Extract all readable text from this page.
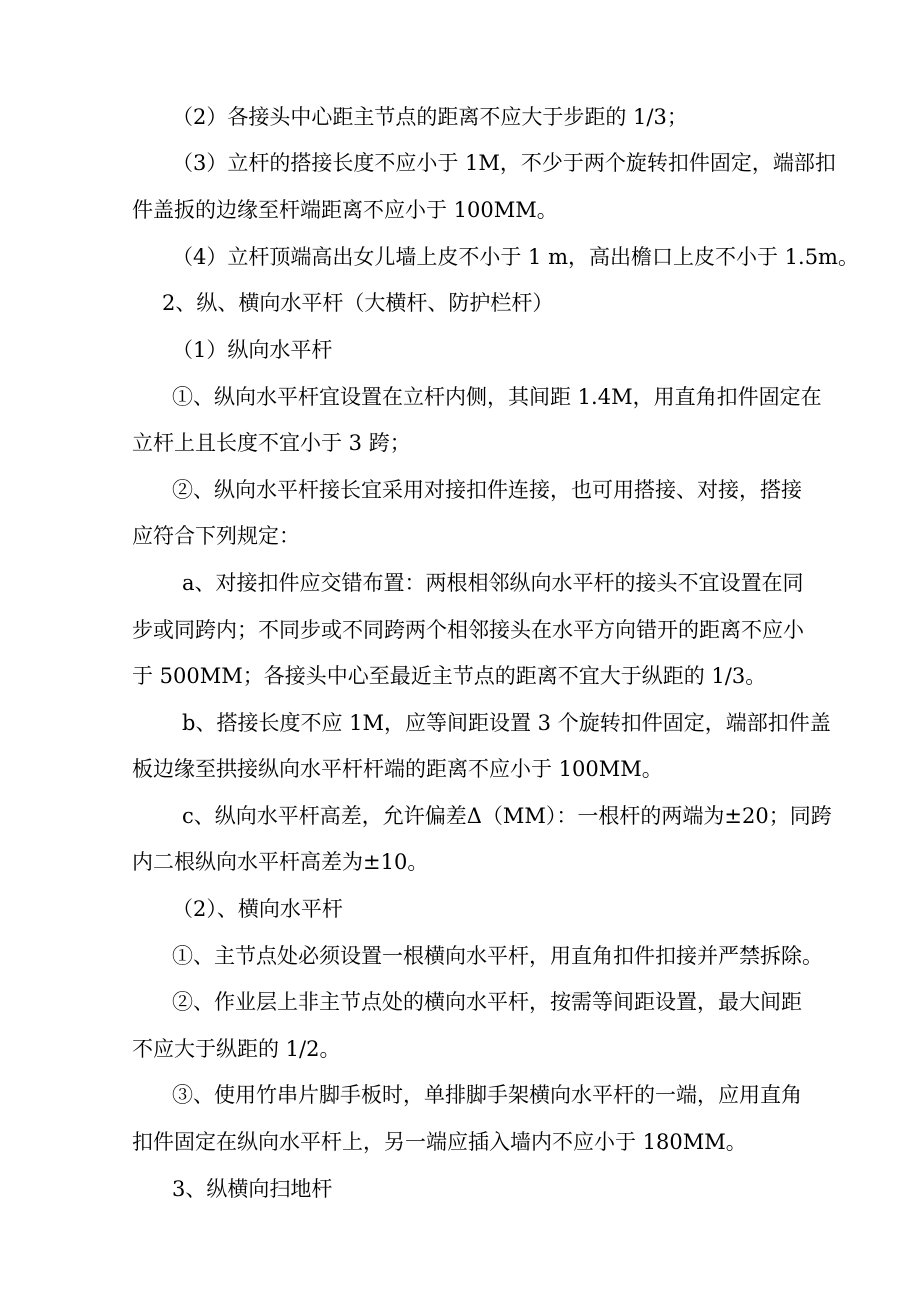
（2）各接头中心距主节点的距离不应大于步距的 1/3；
（3）立杆的搭接长度不应小于 1M，不少于两个旋转扣件固定，端部扣
件盖扳的边缘至杆端距离不应小于 100MM。
（4）立杆顶端高出女儿墙上皮不小于 1 m，高出檐口上皮不小于 1.5m。
2、纵、横向水平杆（大横杆、防护栏杆）
（1）纵向水平杆
①、纵向水平杆宜设置在立杆内侧，其间距 1.4M，用直角扣件固定在
立杆上且长度不宜小于 3 跨；
②、纵向水平杆接长宜采用对接扣件连接，也可用搭接、对接，搭接
应符合下列规定：
a、对接扣件应交错布置：两根相邻纵向水平杆的接头不宜设置在同
步或同跨内；不同步或不同跨两个相邻接头在水平方向错开的距离不应小
于 500MM；各接头中心至最近主节点的距离不宜大于纵距的 1/3。
b、搭接长度不应 1M，应等间距设置 3 个旋转扣件固定，端部扣件盖
板边缘至拱接纵向水平杆杆端的距离不应小于 100MM。
c、纵向水平杆高差，允许偏差Δ（MM）：一根杆的两端为±20；同跨
内二根纵向水平杆高差为±10。
（2）、横向水平杆
①、主节点处必须设置一根横向水平杆，用直角扣件扣接并严禁拆除。
②、作业层上非主节点处的横向水平杆，按需等间距设置，最大间距
不应大于纵距的 1/2。
③、使用竹串片脚手板时，单排脚手架横向水平杆的一端，应用直角
扣件固定在纵向水平杆上，另一端应插入墙内不应小于 180MM。
3、纵横向扫地杆
